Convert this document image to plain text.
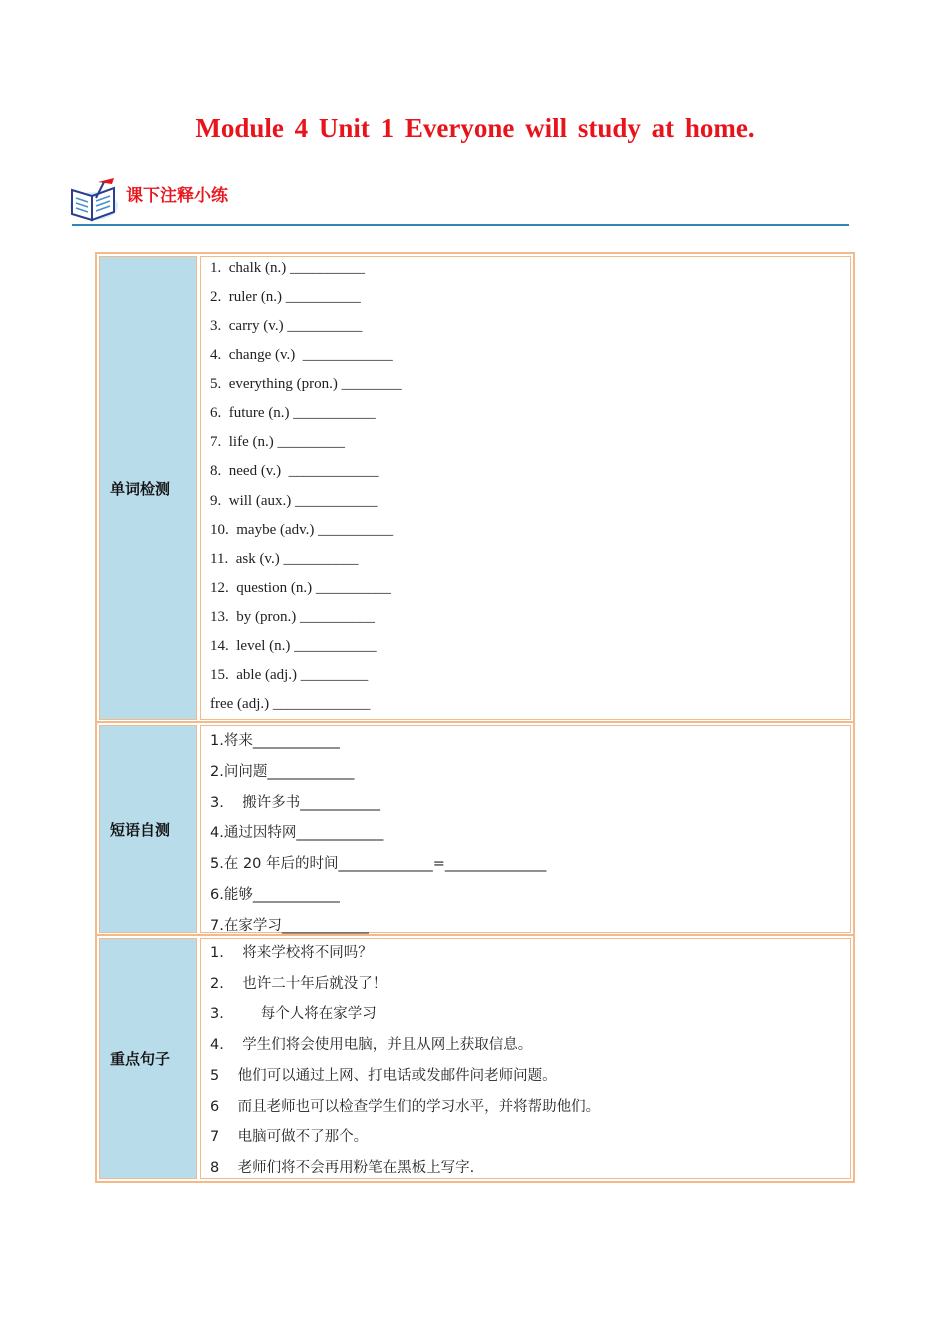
Module 4 Unit 1 Everyone will study at home.
课下注释小练
单词检测
1.  chalk (n.) __________
2.  ruler (n.) __________
3.  carry (v.) __________
4.  change (v.)  ____________
5.  everything (pron.) ________
6.  future (n.) ___________
7.  life (n.) _________
8.  need (v.)  ____________
9.  will (aux.) ___________
10.  maybe (adv.) __________
11.  ask (v.) __________
12.  question (n.) __________
13.  by (pron.) __________
14.  level (n.) ___________
15.  able (adj.) _________
free (adj.) _____________
短语自测
1.将来____________
2.问问题____________
3.    搬许多书___________
4.通过因特网____________
5.在 20 年后的时间_____________=______________
6.能够____________
7.在家学习____________
重点句子
1.    将来学校将不同吗？
2.    也许二十年后就没了！
3.        每个人将在家学习
4.    学生们将会使用电脑，并且从网上获取信息。
5    他们可以通过上网、打电话或发邮件问老师问题。
6    而且老师也可以检查学生们的学习水平，并将帮助他们。
7    电脑可做不了那个。
8    老师们将不会再用粉笔在黑板上写字.
